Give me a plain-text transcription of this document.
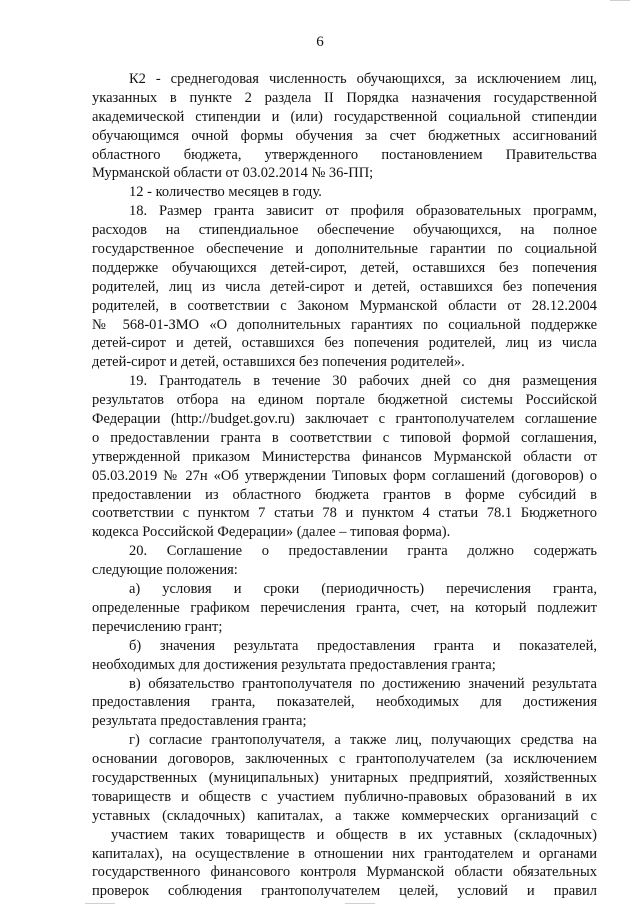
6
К2 - среднегодовая численность обучающихся, за исключением лиц,
указанных в пункте 2 раздела II Порядка назначения государственной
академической стипендии и (или) государственной социальной стипендии
обучающимся очной формы обучения за счет бюджетных ассигнований
областного бюджета, утвержденного постановлением Правительства
Мурманской области от 03.02.2014 № 36-ПП;
12 - количество месяцев в году.
18. Размер гранта зависит от профиля образовательных программ,
расходов на стипендиальное обеспечение обучающихся, на полное
государственное обеспечение и дополнительные гарантии по социальной
поддержке обучающихся детей-сирот, детей, оставшихся без попечения
родителей, лиц из числа детей-сирот и детей, оставшихся без попечения
родителей, в соответствии с Законом Мурманской области от 28.12.2004
№ 568-01-ЗМО «О дополнительных гарантиях по социальной поддержке
детей-сирот и детей, оставшихся без попечения родителей, лиц из числа
детей-сирот и детей, оставшихся без попечения родителей».
19. Грантодатель в течение 30 рабочих дней со дня размещения
результатов отбора на едином портале бюджетной системы Российской
Федерации (http://budget.gov.ru) заключает с грантополучателем соглашение
о предоставлении гранта в соответствии с типовой формой соглашения,
утвержденной приказом Министерства финансов Мурманской области от
05.03.2019 № 27н «Об утверждении Типовых форм соглашений (договоров) о
предоставлении из областного бюджета грантов в форме субсидий в
соответствии с пунктом 7 статьи 78 и пунктом 4 статьи 78.1 Бюджетного
кодекса Российской Федерации» (далее – типовая форма).
20. Соглашение о предоставлении гранта должно содержать
следующие положения:
а) условия и сроки (периодичность) перечисления гранта,
определенные графиком перечисления гранта, счет, на который подлежит
перечислению грант;
б) значения результата предоставления гранта и показателей,
необходимых для достижения результата предоставления гранта;
в) обязательство грантополучателя по достижению значений результата
предоставления гранта, показателей, необходимых для достижения
результата предоставления гранта;
г) согласие грантополучателя, а также лиц, получающих средства на
основании договоров, заключенных с грантополучателем (за исключением
государственных (муниципальных) унитарных предприятий, хозяйственных
товариществ и обществ с участием публично-правовых образований в их
уставных (складочных) капиталах, а также коммерческих организаций с
участием таких товариществ и обществ в их уставных (складочных)
капиталах), на осуществление в отношении них грантодателем и органами
государственного финансового контроля Мурманской области обязательных
проверок соблюдения грантополучателем целей, условий и правил
